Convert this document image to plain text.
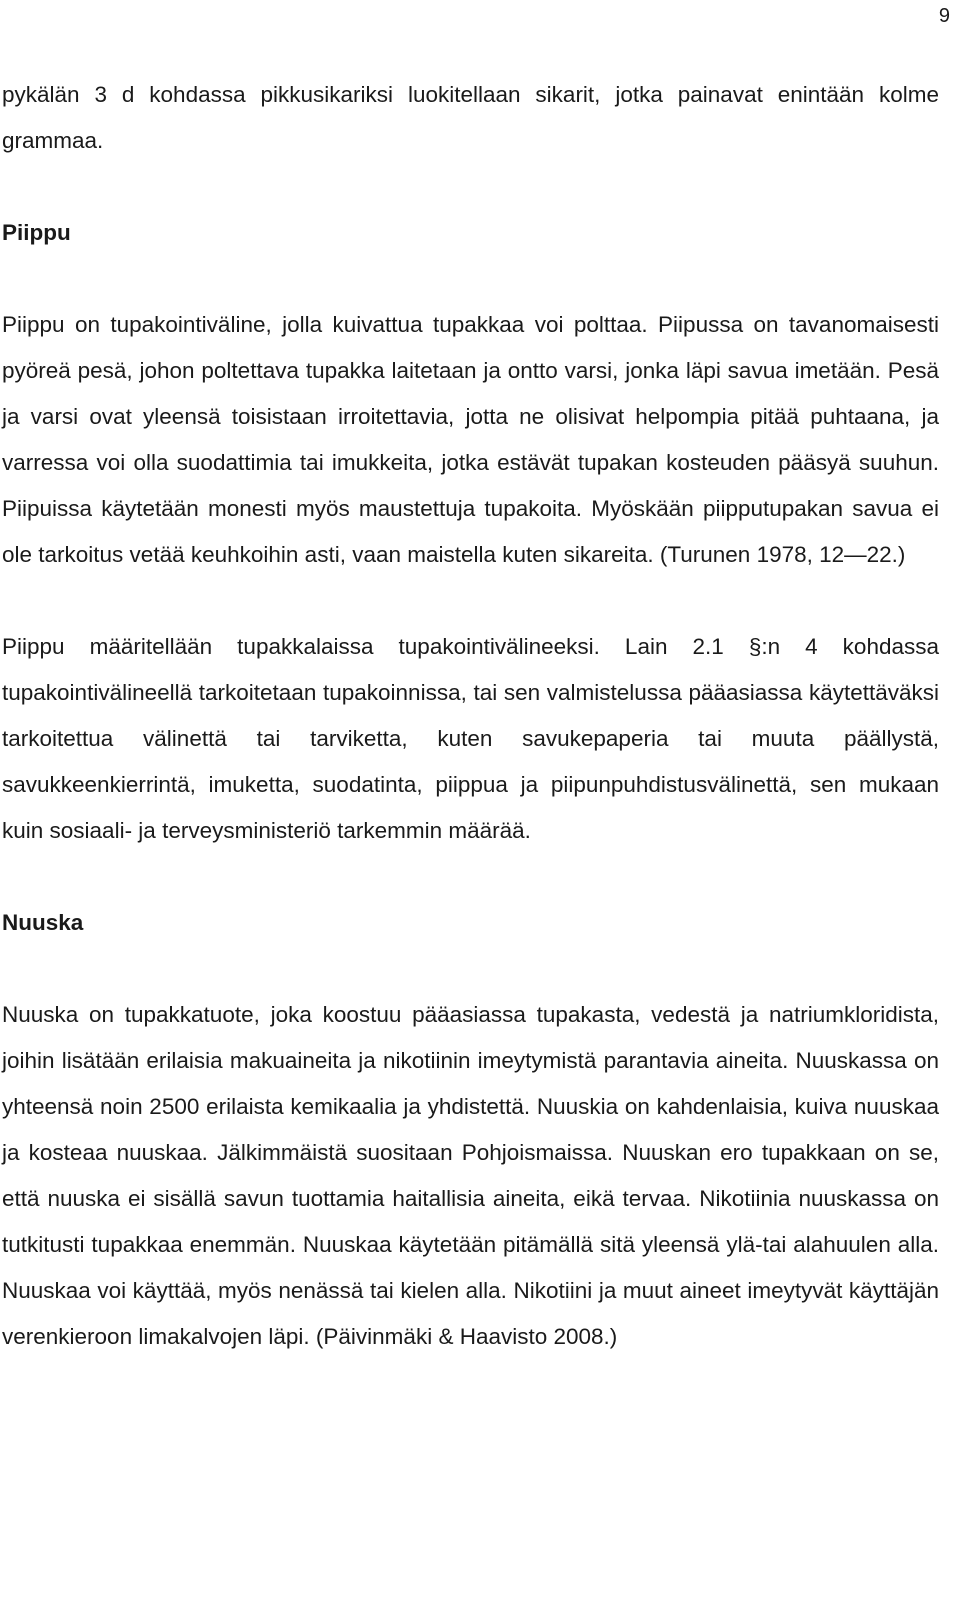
9

pykälän 3 d kohdassa pikkusikariksi luokitellaan sikarit, jotka painavat enintään kolme grammaa.

Piippu

Piippu on tupakointiväline, jolla kuivattua tupakkaa voi polttaa. Piipussa on tavanomaisesti pyöreä pesä, johon poltettava tupakka laitetaan ja ontto varsi, jonka läpi savua imetään. Pesä ja varsi ovat yleensä toisistaan irroitettavia, jotta ne olisivat helpompia pitää puhtaana, ja varressa voi olla suodattimia tai imukkeita, jotka estävät tupakan kosteuden pääsyä suuhun. Piipuissa käytetään monesti myös maustettuja tupakoita. Myöskään piipputupakan savua ei ole tarkoitus vetää keuhkoihin asti, vaan maistella kuten sikareita. (Turunen 1978, 12—22.)

Piippu määritellään tupakkalaissa tupakointivälineeksi. Lain 2.1 §:n 4 kohdassa tupakointivälineellä tarkoitetaan tupakoinnissa, tai sen valmistelussa pääasiassa käytettäväksi tarkoitettua välinettä tai tarviketta, kuten savukepaperia tai muuta päällystä, savukkeenkierrintä, imuketta, suodatinta, piippua ja piipunpuhdistusvälinettä, sen mukaan kuin sosiaali- ja terveysministeriö tarkemmin määrää.

Nuuska

Nuuska on tupakkatuote, joka koostuu pääasiassa tupakasta, vedestä ja natriumkloridista, joihin lisätään erilaisia makuaineita ja nikotiinin imeytymistä parantavia aineita. Nuuskassa on yhteensä noin 2500 erilaista kemikaalia ja yhdistettä. Nuuskia on kahdenlaisia, kuiva nuuskaa ja kosteaa nuuskaa. Jälkimmäistä suositaan Pohjoismaissa. Nuuskan ero tupakkaan on se, että nuuska ei sisällä savun tuottamia haitallisia aineita, eikä tervaa. Nikotiinia nuuskassa on tutkitusti tupakkaa enemmän. Nuuskaa käytetään pitämällä sitä yleensä ylä-tai alahuulen alla. Nuuskaa voi käyttää, myös nenässä tai kielen alla. Nikotiini ja muut aineet imeytyvät käyttäjän verenkieroon limakalvojen läpi. (Päivinmäki & Haavisto 2008.)
